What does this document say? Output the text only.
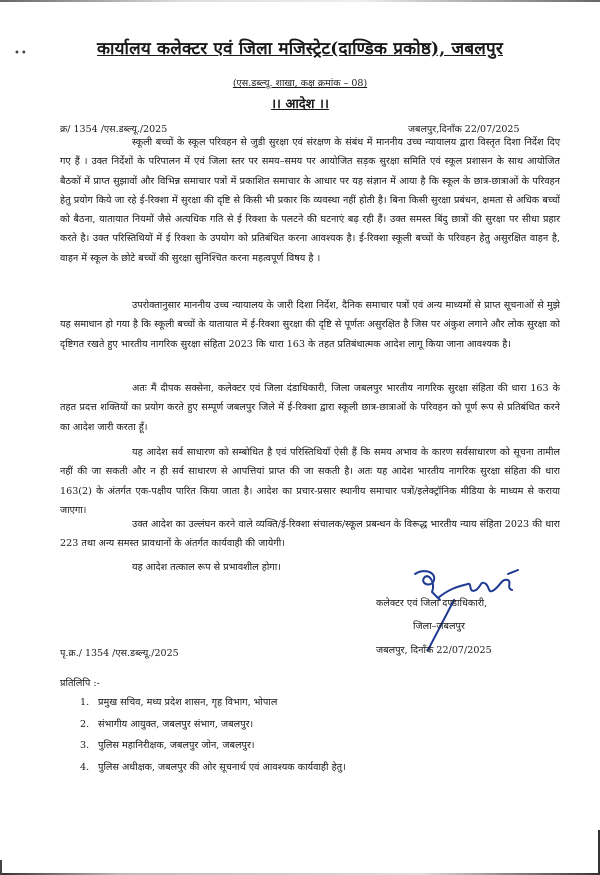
••	कार्यालय कलेक्टर एवं जिला मजिस्ट्रेट(दाण्डिक प्रकोष्ठ), जबलपुर
(एस.डब्ल्यू. शाखा, कक्ष क्रमांक – 08)
।। आदेश ।।
क्र/ 1354 /एस.डब्ल्यू./2025	जबलपुर,दिनॉंक 22/07/2025
स्कूली बच्चों के स्कूल परिवहन से जुडी सुरक्षा एवं संरक्षण के संबंध में माननीय उच्च न्यायालय द्वारा विस्तृत दिशा निर्देश दिए गए हैं । उक्त निर्देशों के परिपालन में एवं जिला स्तर पर समय–समय पर आयोजित सड़क सुरक्षा समिति एवं स्कूल प्रशासन के साथ आयोजित बैठकों में प्राप्त सुझावों और विभिन्न समाचार पत्रों में प्रकाशित समाचार के आधार पर यह संज्ञान में आया है कि स्कूल के छात्र-छात्राओं के परिवहन हेतु प्रयोग किये जा रहे ई-रिक्शा में सुरक्षा की दृष्टि से किसी भी प्रकार कि व्यवस्था नहीं होती है। बिना किसी सुरक्षा प्रबंधन, क्षमता से अधिक बच्चों को बैठना, यातायात नियमों जैसे अत्यधिक गति से ई रिक्शा के पलटने की घटनाएं बढ़ रही हैं। उक्त समस्त बिंदु छात्रों की सुरक्षा पर सीधा प्रहार करते है। उक्त परिस्तिथियों में ई रिक्शा के उपयोग को प्रतिबंधित करना आवश्यक है। ई-रिक्शा स्कूली बच्चों के परिवहन हेतु असुरक्षित वाहन है, वाहन में स्कूल के छोटे बच्चों की सुरक्षा सुनिश्चित करना महत्वपूर्ण विषय है ।
उपरोक्तानुसार माननीय उच्च न्यायालय के जारी दिशा निर्देश, दैनिक समाचार पत्रों एवं अन्य माध्यमों से प्राप्त सूचनाओं से मुझे यह समाधान हो गया है कि स्कूली बच्चों के यातायात में ई-रिक्शा सुरक्षा की दृष्टि से पूर्णतः असुरक्षित है जिस पर अंकुश लगाने और लोक सुरक्षा को दृष्टिगत रखते हुए भारतीय नागरिक सुरक्षा संहिता 2023 कि धारा 163 के तहत प्रतिबंधात्मक आदेश लागू किया जाना आवश्यक है।
अतः मैं दीपक सक्सेना, कलेक्टर एवं जिला दंडाधिकारी, जिला जबलपुर भारतीय नागरिक सुरक्षा संहिता की धारा 163 के तहत प्रदत्त शक्तियों का प्रयोग करते हुए सम्पूर्ण जबलपुर जिले में ई-रिक्शा द्वारा स्कूली छात्र-छात्राओं के परिवहन को पूर्ण रूप से प्रतिबंधित करने का आदेश जारी करता हूँ।
यह आदेश सर्व साधारण को सम्बोधित है एवं परिस्तिथियाँ ऐसी हैं कि समय अभाव के कारण सर्वसाधारण को सूचना तामील नहीं की जा सकती और न ही सर्व साधारण से आपत्तियां प्राप्त की जा सकती है। अतः यह आदेश भारतीय नागरिक सुरक्षा संहिता की धारा 163(2) के अंतर्गत एक-पक्षीय पारित किया जाता है। आदेश का प्रचार-प्रसार स्थानीय समाचार पत्रों/इलेक्ट्रॉनिक मीडिया के माध्यम से कराया जाएगा।
उक्त आदेश का उल्लंघन करने वाले व्यक्ति/ई-रिक्शा संचालक/स्कूल प्रबन्धन के विरूद्ध भारतीय न्याय संहिता 2023 की धारा 223 तथा अन्य समस्त प्रावधानों के अंतर्गत कार्यवाही की जायेगी।
यह आदेश तत्काल रूप से प्रभावशील होगा।
कलेक्टर एवं जिला दण्डाधिकारी,
जिला–जबलपुर
जबलपुर, दिनॉंक 22/07/2025
पृ.क्र./ 1354 /एस.डब्ल्यू./2025
प्रतिलिपि :-
1. प्रमुख सचिव, मध्य प्रदेश शासन, गृह विभाग, भोपाल
2. संभागीय आयुक्त, जबलपुर संभाग, जबलपुर।
3. पुलिस महानिरीक्षक, जबलपुर जोन, जबलपुर।
4. पुलिस अधीक्षक, जबलपुर की ओर सूचनार्थ एवं आवश्यक कार्यवाही हेतु।
